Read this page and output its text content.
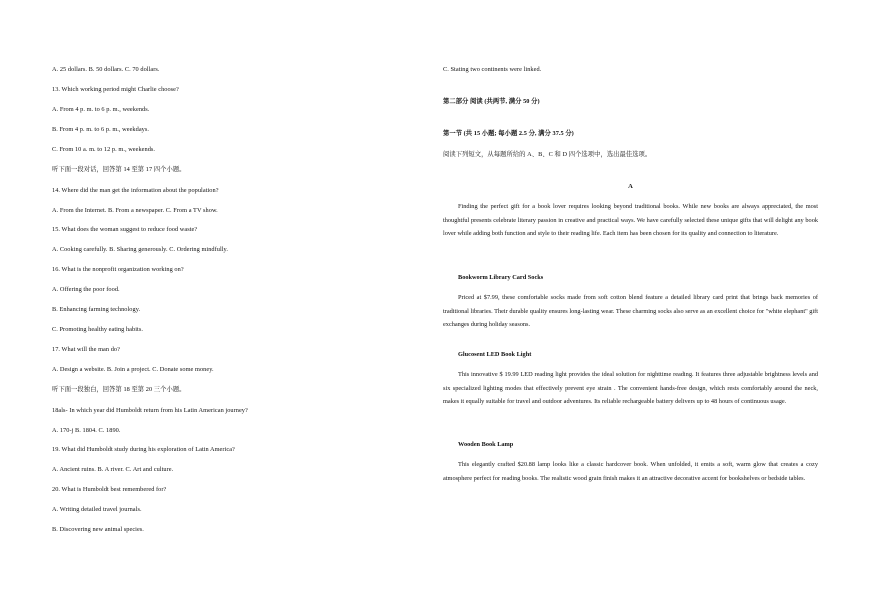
A. 25 dollars. B. 50 dollars. C. 70 dollars.
13. Which working period might Charlie choose?
A. From 4 p. m. to 6 p. m., weekends.
B. From 4 p. m. to 6 p. m., weekdays.
C. From 10 a. m. to 12 p. m., weekends.
听下面一段对话，回答第 14 至第 17 四个小题。
14. Where did the man get the information about the population?
A. From the Internet. B. From a newspaper. C. From a TV show.
15. What does the woman suggest to reduce food waste?
A. Cooking carefully. B. Sharing generously. C. Ordering mindfully.
16. What is the nonprofit organization working on?
A. Offering the poor food.
B. Enhancing farming technology.
C. Promoting healthy eating habits.
17. What will the man do?
A. Design a website. B. Join a project. C. Donate some money.
听下面一段独白，回答第 18 至第 20 三个小题。
18als- In which year did Humboldt return from his Latin American journey?
A. 170-j B. 1804. C. 1890.
19. What did Humboldt study during his exploration of Latin America?
A. Ancient ruins. B. A river. C. Art and culture.
20. What is Humboldt best remembered for?
A. Writing detailed travel journals.
B. Discovering new animal species.
C. Stating two continents were linked.
第二部分 阅读 (共两节, 满分 50 分)
第一节 (共 15 小题; 每小题 2.5 分, 满分 37.5 分)
阅读下列短文，从每题所给的 A、B、C 和 D 四个选项中，选出最佳选项。
A
Finding the perfect gift for a book lover requires looking beyond traditional books. While new books are always appreciated, the most thoughtful presents celebrate literary passion in creative and practical ways. We have carefully selected these unique gifts that will delight any book lover while adding both function and style to their reading life. Each item has been chosen for its quality and connection to literature.
Bookworm Library Card Socks
Priced at $7.99, these comfortable socks made from soft cotton blend feature a detailed library card print that brings back memories of traditional libraries. Their durable quality ensures long-lasting wear. These charming socks also serve as an excellent choice for "white elephant" gift exchanges during holiday seasons.
Glucosent LED Book Light
This innovative $ 19.99 LED reading light provides the ideal solution for nighttime reading. It features three adjustable brightness levels and six specialized lighting modes that effectively prevent eye strain . The convenient hands-free design, which rests comfortably around the neck, makes it equally suitable for travel and outdoor adventures. Its reliable rechargeable battery delivers up to 48 hours of continuous usage.
Wooden Book Lamp
This elegantly crafted $20.88 lamp looks like a classic hardcover book. When unfolded, it emits a soft, warm glow that creates a cozy atmosphere perfect for reading books. The realistic wood grain finish makes it an attractive decorative accent for bookshelves or bedside tables.
